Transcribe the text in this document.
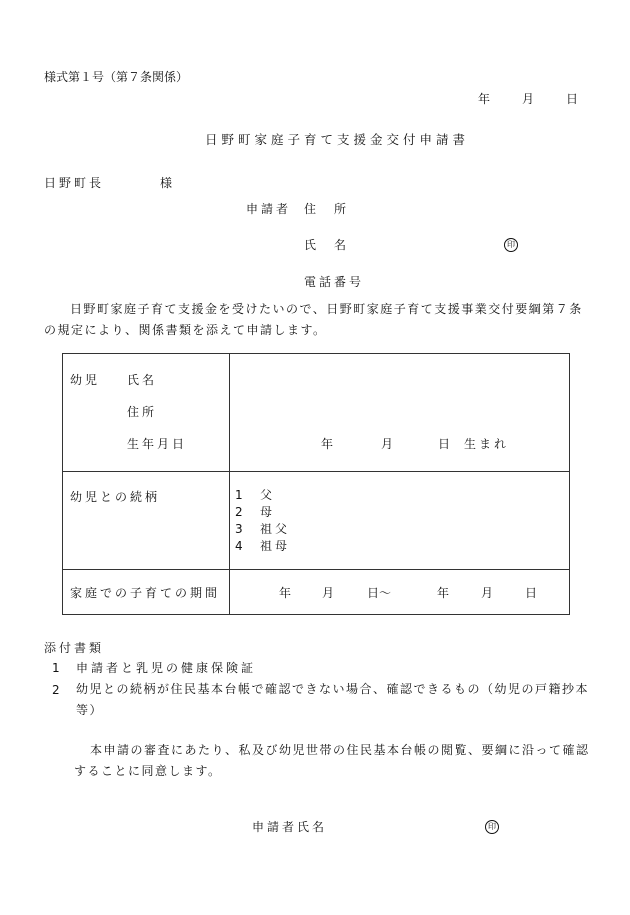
様式第１号（第７条関係）
年	月	日
日野町家庭子育て支援金交付申請書
日野町長	様
申請者 住　所
氏　名	印
電話番号
日野町家庭子育て支援金を受けたいので、日野町家庭子育て支援事業交付要綱第７条の規定により、関係書類を添えて申請します。
幼児 氏名
住所
生年月日	年	月	日 生まれ
幼児との続柄	1 父
2 母
3 祖父
4 祖母
家庭での子育ての期間	年	月	日～	年	月	日
添付書類
1 申請者と乳児の健康保険証
2 幼児との続柄が住民基本台帳で確認できない場合、確認できるもの（幼児の戸籍抄本等）
本申請の審査にあたり、私及び幼児世帯の住民基本台帳の閲覧、要綱に沿って確認することに同意します。
申請者氏名	印
